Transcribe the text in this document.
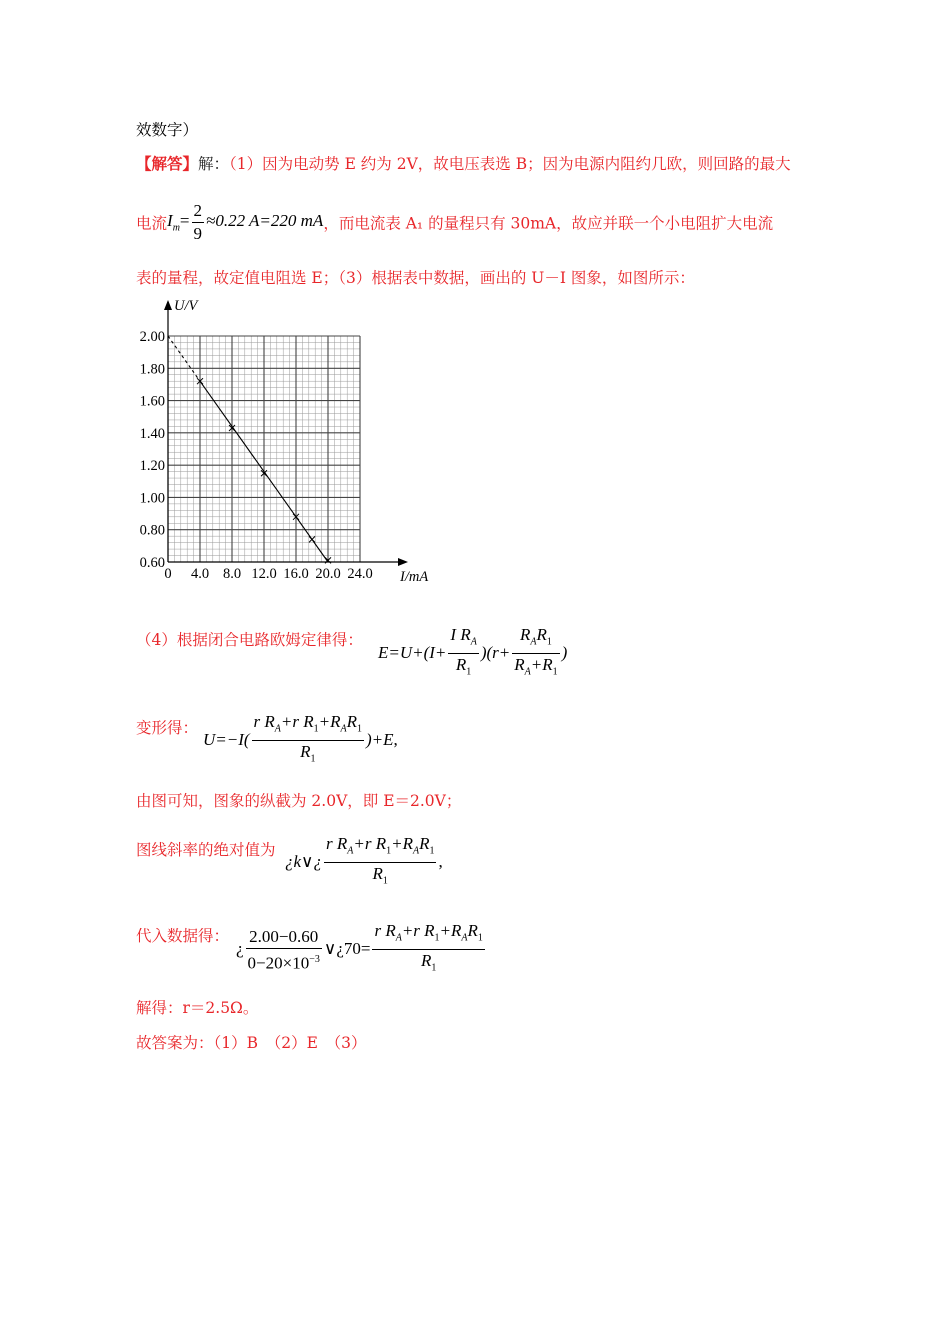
效数字）
【解答】解：（1）因为电动势 E 约为 2V，故电压表选 B；因为电源内阻约几欧，则回路的最大
电流$I_m= \frac{2}{9} \approx 0.22$ A=220 mA，而电流表 A₁ 的量程只有 30mA，故应并联一个小电阻扩大电流
表的量程，故定值电阻选 E；（3）根据表中数据，画出的 U－I 图象，如图所示：
2.00
1.80
1.60
1.40
1.20
1.00
0.80
0.60
0 4.0 8.0 12.0 16.0 20.0 24.0
U/V
I/mA
（4）根据闭合电路欧姆定律得：
$E=U+(I+ \frac{I R_A}{R_1} )(r+ \frac{R_AR_1}{R_A+R_1}$ )
变形得：
$U=-I( \frac{r R_A+r R_1+R_AR_1}{R_1} )+E$,
由图可知，图象的纵截为 2.0V，即 E＝2.0V；
图线斜率的绝对值为
¿k∨¿ $\frac{r R_A+r R_1+R_AR_1}{R_1}$ ,
代入数据得：
¿ $\frac{2.00-0.60}{0-20\times 10^{-3}}$ ∨¿70= $\frac{r R_A+r R_1+R_AR_1}{R_1}$
解得：r＝2.5Ω。
故答案为：（1）B　（2）E　（3）
